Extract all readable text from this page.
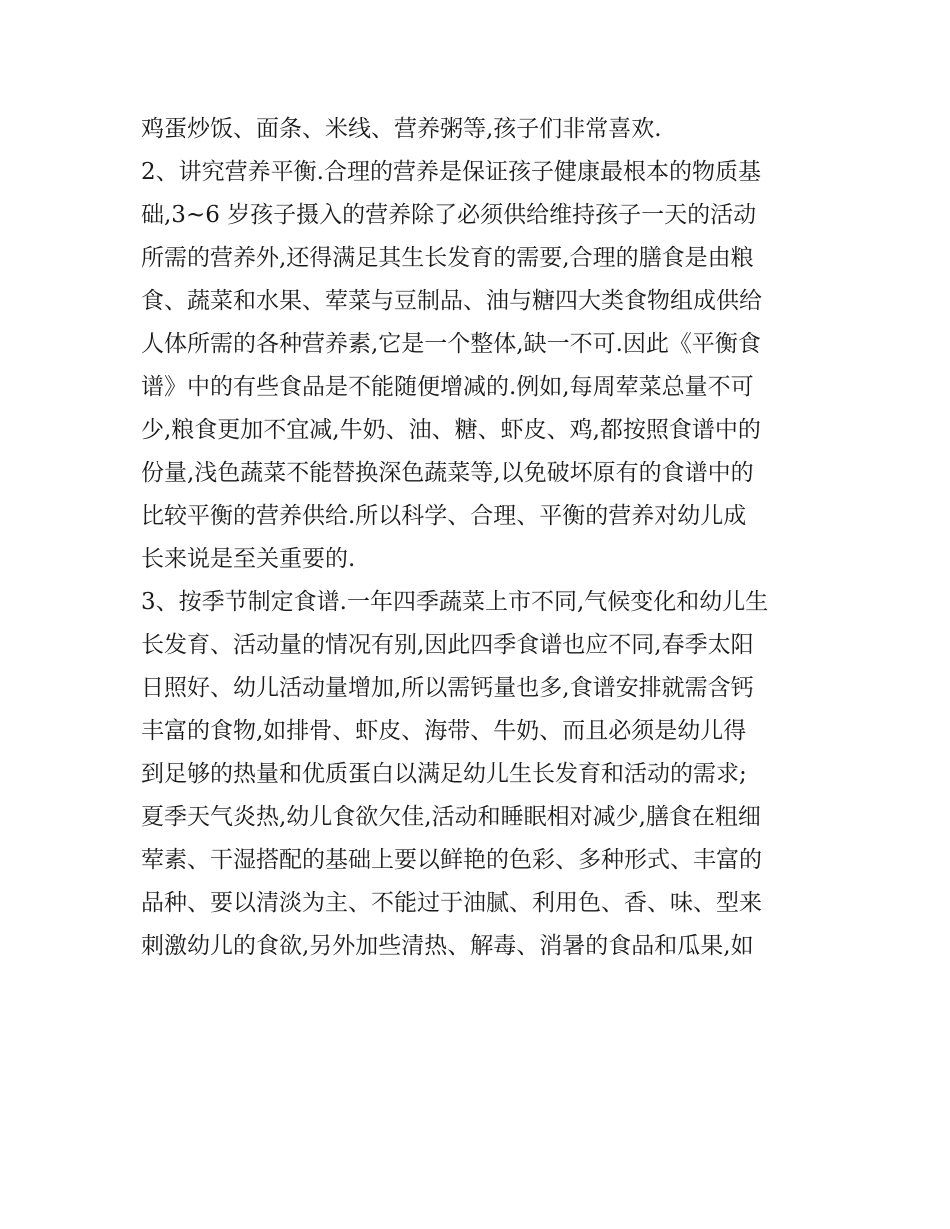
鸡蛋炒饭、面条、米线、营养粥等,孩子们非常喜欢.
2、讲究营养平衡.合理的营养是保证孩子健康最根本的物质基
础,3~6 岁孩子摄入的营养除了必须供给维持孩子一天的活动
所需的营养外,还得满足其生长发育的需要,合理的膳食是由粮
食、蔬菜和水果、荤菜与豆制品、油与糖四大类食物组成供给
人体所需的各种营养素,它是一个整体,缺一不可.因此《平衡食
谱》中的有些食品是不能随便增减的.例如,每周荤菜总量不可
少,粮食更加不宜减,牛奶、油、糖、虾皮、鸡,都按照食谱中的
份量,浅色蔬菜不能替换深色蔬菜等,以免破坏原有的食谱中的
比较平衡的营养供给.所以科学、合理、平衡的营养对幼儿成
长来说是至关重要的.
3、按季节制定食谱.一年四季蔬菜上市不同,气候变化和幼儿生
长发育、活动量的情况有别,因此四季食谱也应不同,春季太阳
日照好、幼儿活动量增加,所以需钙量也多,食谱安排就需含钙
丰富的食物,如排骨、虾皮、海带、牛奶、而且必须是幼儿得
到足够的热量和优质蛋白以满足幼儿生长发育和活动的需求;
夏季天气炎热,幼儿食欲欠佳,活动和睡眠相对减少,膳食在粗细
荤素、干湿搭配的基础上要以鲜艳的色彩、多种形式、丰富的
品种、要以清淡为主、不能过于油腻、利用色、香、味、型来
刺激幼儿的食欲,另外加些清热、解毒、消暑的食品和瓜果,如
